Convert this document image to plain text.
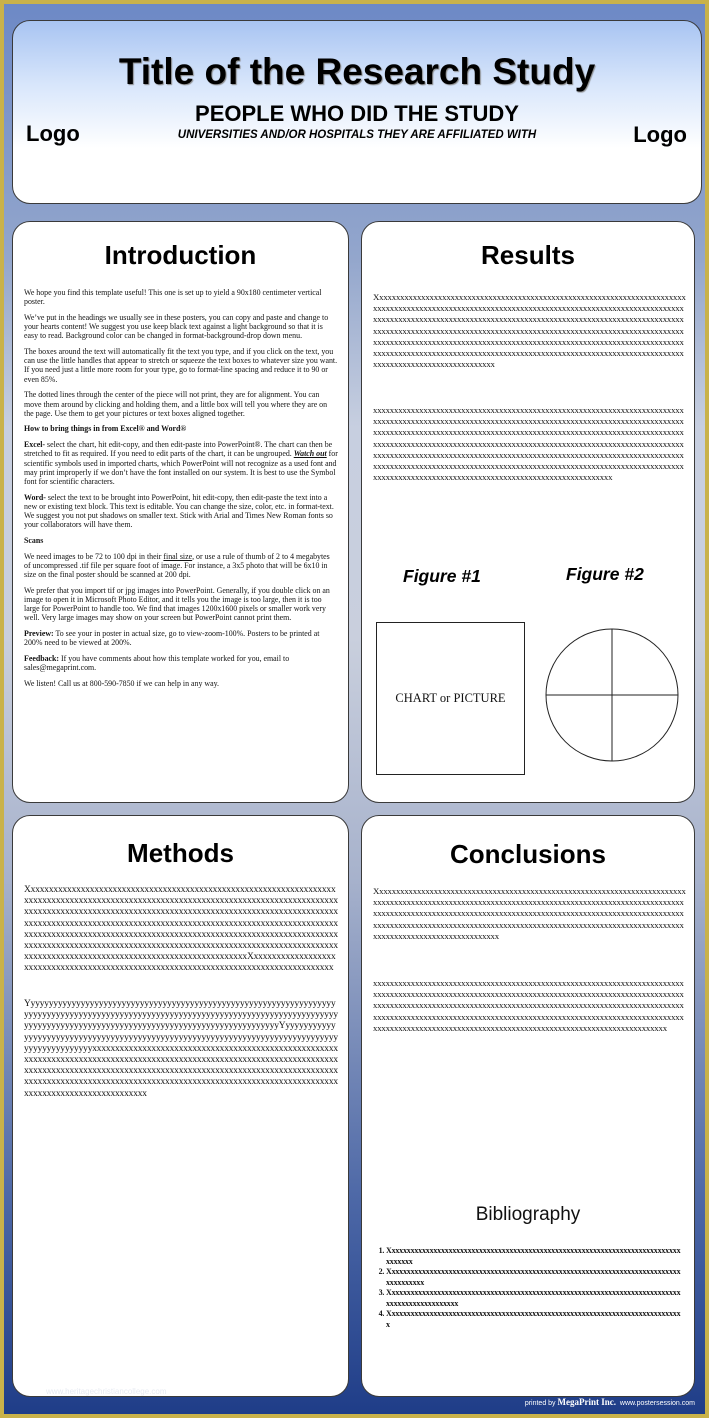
Title of the Research Study
PEOPLE WHO DID THE STUDY
UNIVERSITIES AND/OR HOSPITALS THEY ARE AFFILIATED WITH
Logo	Logo
Introduction

We hope you find this template useful! This one is set up to yield a 90x180 centimeter vertical poster.

We’ve put in the headings we usually see in these posters, you can copy and paste and change to your hearts content! We suggest you use keep black text against a light background so that it is easy to read. Background color can be changed in format-background-drop down menu.

The boxes around the text will automatically fit the text you type, and if you click on the text, you can use the little handles that appear to stretch or squeeze the text boxes to whatever size you want. If you need just a little more room for your type, go to format-line spacing and reduce it to 90 or even 85%.

The dotted lines through the center of the piece will not print, they are for alignment. You can move them around by clicking and holding them, and a little box will tell you where they are on the page. Use them to get your pictures or text boxes aligned together.

How to bring things in from Excel® and Word®

Excel- select the chart, hit edit-copy, and then edit-paste into PowerPoint®. The chart can then be stretched to fit as required. If you need to edit parts of the chart, it can be ungrouped. Watch out for scientific symbols used in imported charts, which PowerPoint will not recognize as a used font and may print improperly if we don’t have the font installed on our system. It is best to use the Symbol font for scientific characters.

Word- select the text to be brought into PowerPoint, hit edit-copy, then edit-paste the text into a new or existing text block. This text is editable. You can change the size, color, etc. in format-text. We suggest you not put shadows on smaller text. Stick with Arial and Times New Roman fonts so your collaborators will have them.

Scans

We need images to be 72 to 100 dpi in their final size, or use a rule of thumb of 2 to 4 megabytes of uncompressed .tif file per square foot of image. For instance, a 3x5 photo that will be 6x10 in size on the final poster should be scanned at 200 dpi.

We prefer that you import tif or jpg images into PowerPoint. Generally, if you double click on an image to open it in Microsoft Photo Editor, and it tells you the image is too large, then it is too large for PowerPoint to handle too. We find that images 1200x1600 pixels or smaller work very well. Very large images may show on your screen but PowerPoint cannot print them.

Preview: To see your in poster in actual size, go to view-zoom-100%. Posters to be printed at 200% need to be viewed at 200%.

Feedback: If you have comments about how this template worked for you, email to sales@megaprint.com.

We listen! Call us at 800-590-7850 if we can help in any way.

Results
Xxxxxxxxxxxxxxxxxxxxxxxxxxxxxxxxxxxxxxxxxxxxxxxxxxxxxxxxxxxxxxxxxxxxxxxxxxxxxxxxxxxxxxxxxxxxxxxxxxxxxxxxxxxxxxxxxxxxxxxxxxxxxxxxxxxxxxxxxxxxxxxxxxxxxxxxxxxxxxxxxxxxxxxxxxxxxxxxxxxxxxxxxxxxxxxxxxxxxxxxxxxxxxxxxxxxxxxxxxxxxxxxxxxxxxxxxxxxxxxxxxxxxxxxxxxxxxxxxxxxxxxxxxxxxxxxxxxxxxxxxxxxxxxxxxxxxxxxxxxxxxxxxxxxxxxxxxxxxxxxxxxxxxxxxxxxxxxxxxxxxxxxxxxxxxxxxxxxxxxxxxxxxxxxxxxxxxxxxxxxxxxxxxxxxxxxxxxxxxxxxxxxxxxxxxxxxxxxxxxxxxxxxxxxxxxxxxxxxxxxxxxxxxxxxxxxxxxxxxxxxxxxxxxxxxxxx
xxxxxxxxxxxxxxxxxxxxxxxxxxxxxxxxxxxxxxxxxxxxxxxxxxxxxxxxxxxxxxxxxxxxxxxxxxxxxxxxxxxxxxxxxxxxxxxxxxxxxxxxxxxxxxxxxxxxxxxxxxxxxxxxxxxxxxxxxxxxxxxxxxxxxxxxxxxxxxxxxxxxxxxxxxxxxxxxxxxxxxxxxxxxxxxxxxxxxxxxxxxxxxxxxxxxxxxxxxxxxxxxxxxxxxxxxxxxxxxxxxxxxxxxxxxxxxxxxxxxxxxxxxxxxxxxxxxxxxxxxxxxxxxxxxxxxxxxxxxxxxxxxxxxxxxxxxxxxxxxxxxxxxxxxxxxxxxxxxxxxxxxxxxxxxxxxxxxxxxxxxxxxxxxxxxxxxxxxxxxxxxxxxxxxxxxxxxxxxxxxxxxxxxxxxxxxxxxxxxxxxxxxxxxxxxxxxxxxxxxxxxxxxxxxxxxxxxxxxxxxxxxxxxxxxxxxxxxxxxxxxxxxxxxxxxxxxxxxxxxx
Figure #1	Figure #2
CHART or PICTURE
Methods
XxxxxxxxxxxxxxxxxxxxxxxxxxxxxxxxxxxxxxxxxxxxxxxxxxxxxxxxxxxxxxxxxxxxxxxxxxxxxxxxxxxxxxxxxxxxxxxxxxxxxxxxxxxxxxxxxxxxxxxxxxxxxxxxxxxxxxxxxxxxxxxxxxxxxxxxxxxxxxxxxxxxxxxxxxxxxxxxxxxxxxxxxxxxxxxxxxxxxxxxxxxxxxxxxxxxxxxxxxxxxxxxxxxxxxxxxxxxxxxxxxxxxxxxxxxxxxxxxxxxxxxxxxxxxxxxxxxxxxxxxxxxxxxxxxxxxxxxxxxxxxxxxxxxxxxxxxxxxxxxxxxxxxxxxxxxxxxxxxxxxxxxxxxxxxxxxxxxxxxxxxxxxxxxxxxxxxxxxxxxxxxxxxxxxxxxxxxxxxxxxxxxxxxxxxxxxxxxxxxxxxxxxxxxxxxxxxxxxxxxxxxxxxxxxxxxxxxxxxxxxxXxxxxxxxxxxxxxxxxxxxxxxxxxxxxxxxxxxxxxxxxxxxxxxxxxxxxxxxxxxxxxxxxxxxxxxxxxxxxxxxxxxxxxx
YyyyyyyyyyyyyyyyyyyyyyyyyyyyyyyyyyyyyyyyyyyyyyyyyyyyyyyyyyyyyyyyyyyyyyyyyyyyyyyyyyyyyyyyyyyyyyyyyyyyyyyyyyyyyyyyyyyyyyyyyyyyyyyyyyyyyyyyyyyyyyyyyyyyyyyyyyyyyyyyyyyyyyyyyyyyyyyyyyyyyyyyyyyyyyyyyYyyyyyyyyyyyyyyyyyyyyyyyyyyyyyyyyyyyyyyyyyyyyyyyyyyyyyyyyyyyyyyyyyyyyyyyyyyyyyyyyyyyyyyyyyyyyyyyxxxxxxxxxxxxxxxxxxxxxxxxxxxxxxxxxxxxxxxxxxxxxxxxxxxxxxxxxxxxxxxxxxxxxxxxxxxxxxxxxxxxxxxxxxxxxxxxxxxxxxxxxxxxxxxxxxxxxxxxxxxxxxxxxxxxxxxxxxxxxxxxxxxxxxxxxxxxxxxxxxxxxxxxxxxxxxxxxxxxxxxxxxxxxxxxxxxxxxxxxxxxxxxxxxxxxxxxxxxxxxxxxxxxxxxxxxxxxxxxxxxxxxxxxxxxxxxxxxxxxxxxxxxxxxxxxxxxxxxxxxxxxxxx
Conclusions
Xxxxxxxxxxxxxxxxxxxxxxxxxxxxxxxxxxxxxxxxxxxxxxxxxxxxxxxxxxxxxxxxxxxxxxxxxxxxxxxxxxxxxxxxxxxxxxxxxxxxxxxxxxxxxxxxxxxxxxxxxxxxxxxxxxxxxxxxxxxxxxxxxxxxxxxxxxxxxxxxxxxxxxxxxxxxxxxxxxxxxxxxxxxxxxxxxxxxxxxxxxxxxxxxxxxxxxxxxxxxxxxxxxxxxxxxxxxxxxxxxxxxxxxxxxxxxxxxxxxxxxxxxxxxxxxxxxxxxxxxxxxxxxxxxxxxxxxxxxxxxxxxxxxxxxxxxxxxxxxxxxxxxx
xxxxxxxxxxxxxxxxxxxxxxxxxxxxxxxxxxxxxxxxxxxxxxxxxxxxxxxxxxxxxxxxxxxxxxxxxxxxxxxxxxxxxxxxxxxxxxxxxxxxxxxxxxxxxxxxxxxxxxxxxxxxxxxxxxxxxxxxxxxxxxxxxxxxxxxxxxxxxxxxxxxxxxxxxxxxxxxxxxxxxxxxxxxxxxxxxxxxxxxxxxxxxxxxxxxxxxxxxxxxxxxxxxxxxxxxxxxxxxxxxxxxxxxxxxxxxxxxxxxxxxxxxxxxxxxxxxxxxxxxxxxxxxxxxxxxxxxxxxxxxxxxxxxxxxxxxxxxxxxxxxxxxxxxxxxxxxxxxxxxxxxxxxxxxxxxxxxxxxxxxxxxxx
Bibliography
1. Xxxxxxxxxxxxxxxxxxxxxxxxxxxxxxxxxxxxxxxxxxxxxxxxxxxxxxxxxxxxxxxxxxxxxxxxxxxxxxxxxxxx
2. Xxxxxxxxxxxxxxxxxxxxxxxxxxxxxxxxxxxxxxxxxxxxxxxxxxxxxxxxxxxxxxxxxxxxxxxxxxxxxxxxxxxxxxx
3. Xxxxxxxxxxxxxxxxxxxxxxxxxxxxxxxxxxxxxxxxxxxxxxxxxxxxxxxxxxxxxxxxxxxxxxxxxxxxxxxxxxxxxxxxxxxxxxxx
4. Xxxxxxxxxxxxxxxxxxxxxxxxxxxxxxxxxxxxxxxxxxxxxxxxxxxxxxxxxxxxxxxxxxxxxxxxxxxxxx
www.heritagechristiancollege.com
printed by MegaPrint Inc. www.postersession.com
